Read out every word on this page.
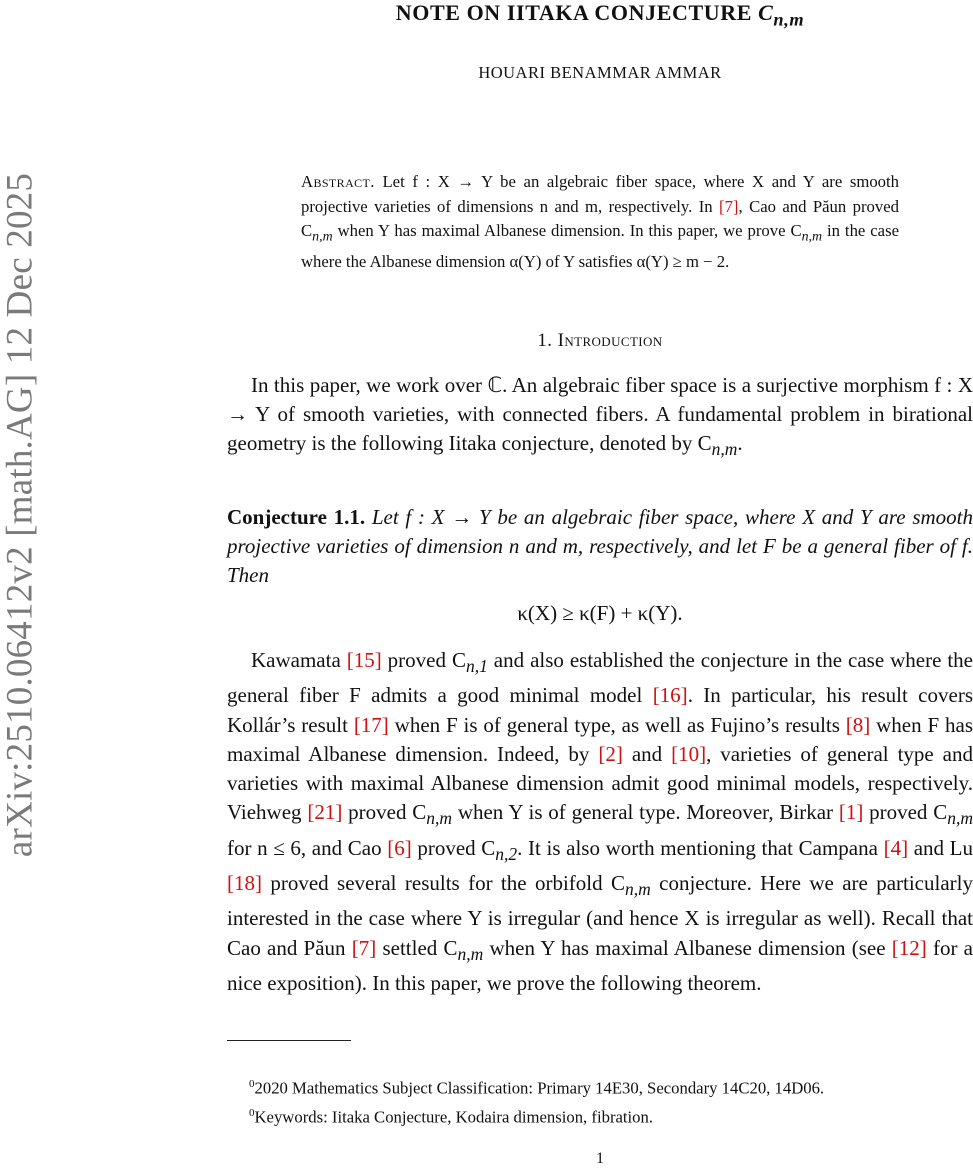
arXiv:2510.06412v2 [math.AG] 12 Dec 2025
NOTE ON IITAKA CONJECTURE $C_{n,m}$
HOUARI BENAMMAR AMMAR
Abstract. Let f : X → Y be an algebraic fiber space, where X and Y are smooth projective varieties of dimensions n and m, respectively. In [7], Cao and Păun proved $C_{n,m}$ when Y has maximal Albanese dimension. In this paper, we prove $C_{n,m}$ in the case where the Albanese dimension α(Y) of Y satisfies α(Y) ≥ m − 2.
1. Introduction

In this paper, we work over ℂ. An algebraic fiber space is a surjective morphism f : X → Y of smooth varieties, with connected fibers. A fundamental problem in birational geometry is the following Iitaka conjecture, denoted by $C_{n,m}$.

Conjecture 1.1. Let f : X → Y be an algebraic fiber space, where X and Y are smooth projective varieties of dimension n and m, respectively, and let F be a general fiber of f. Then

κ(X) ≥ κ(F) + κ(Y).

Kawamata [15] proved $C_{n,1}$ and also established the conjecture in the case where the general fiber F admits a good minimal model [16]. In particular, his result covers Kollár’s result [17] when F is of general type, as well as Fujino’s results [8] when F has maximal Albanese dimension. Indeed, by [2] and [10], varieties of general type and varieties with maximal Albanese dimension admit good minimal models, respectively. Viehweg [21] proved $C_{n,m}$ when Y is of general type. Moreover, Birkar [1] proved $C_{n,m}$ for n ≤ 6, and Cao [6] proved $C_{n,2}$. It is also worth mentioning that Campana [4] and Lu [18] proved several results for the orbifold $C_{n,m}$ conjecture. Here we are particularly interested in the case where Y is irregular (and hence X is irregular as well). Recall that Cao and Păun [7] settled $C_{n,m}$ when Y has maximal Albanese dimension (see [12] for a nice exposition). In this paper, we prove the following theorem.

$^0$2020 Mathematics Subject Classification: Primary 14E30, Secondary 14C20, 14D06.

$^0$Keywords: Iitaka Conjecture, Kodaira dimension, fibration.

1
